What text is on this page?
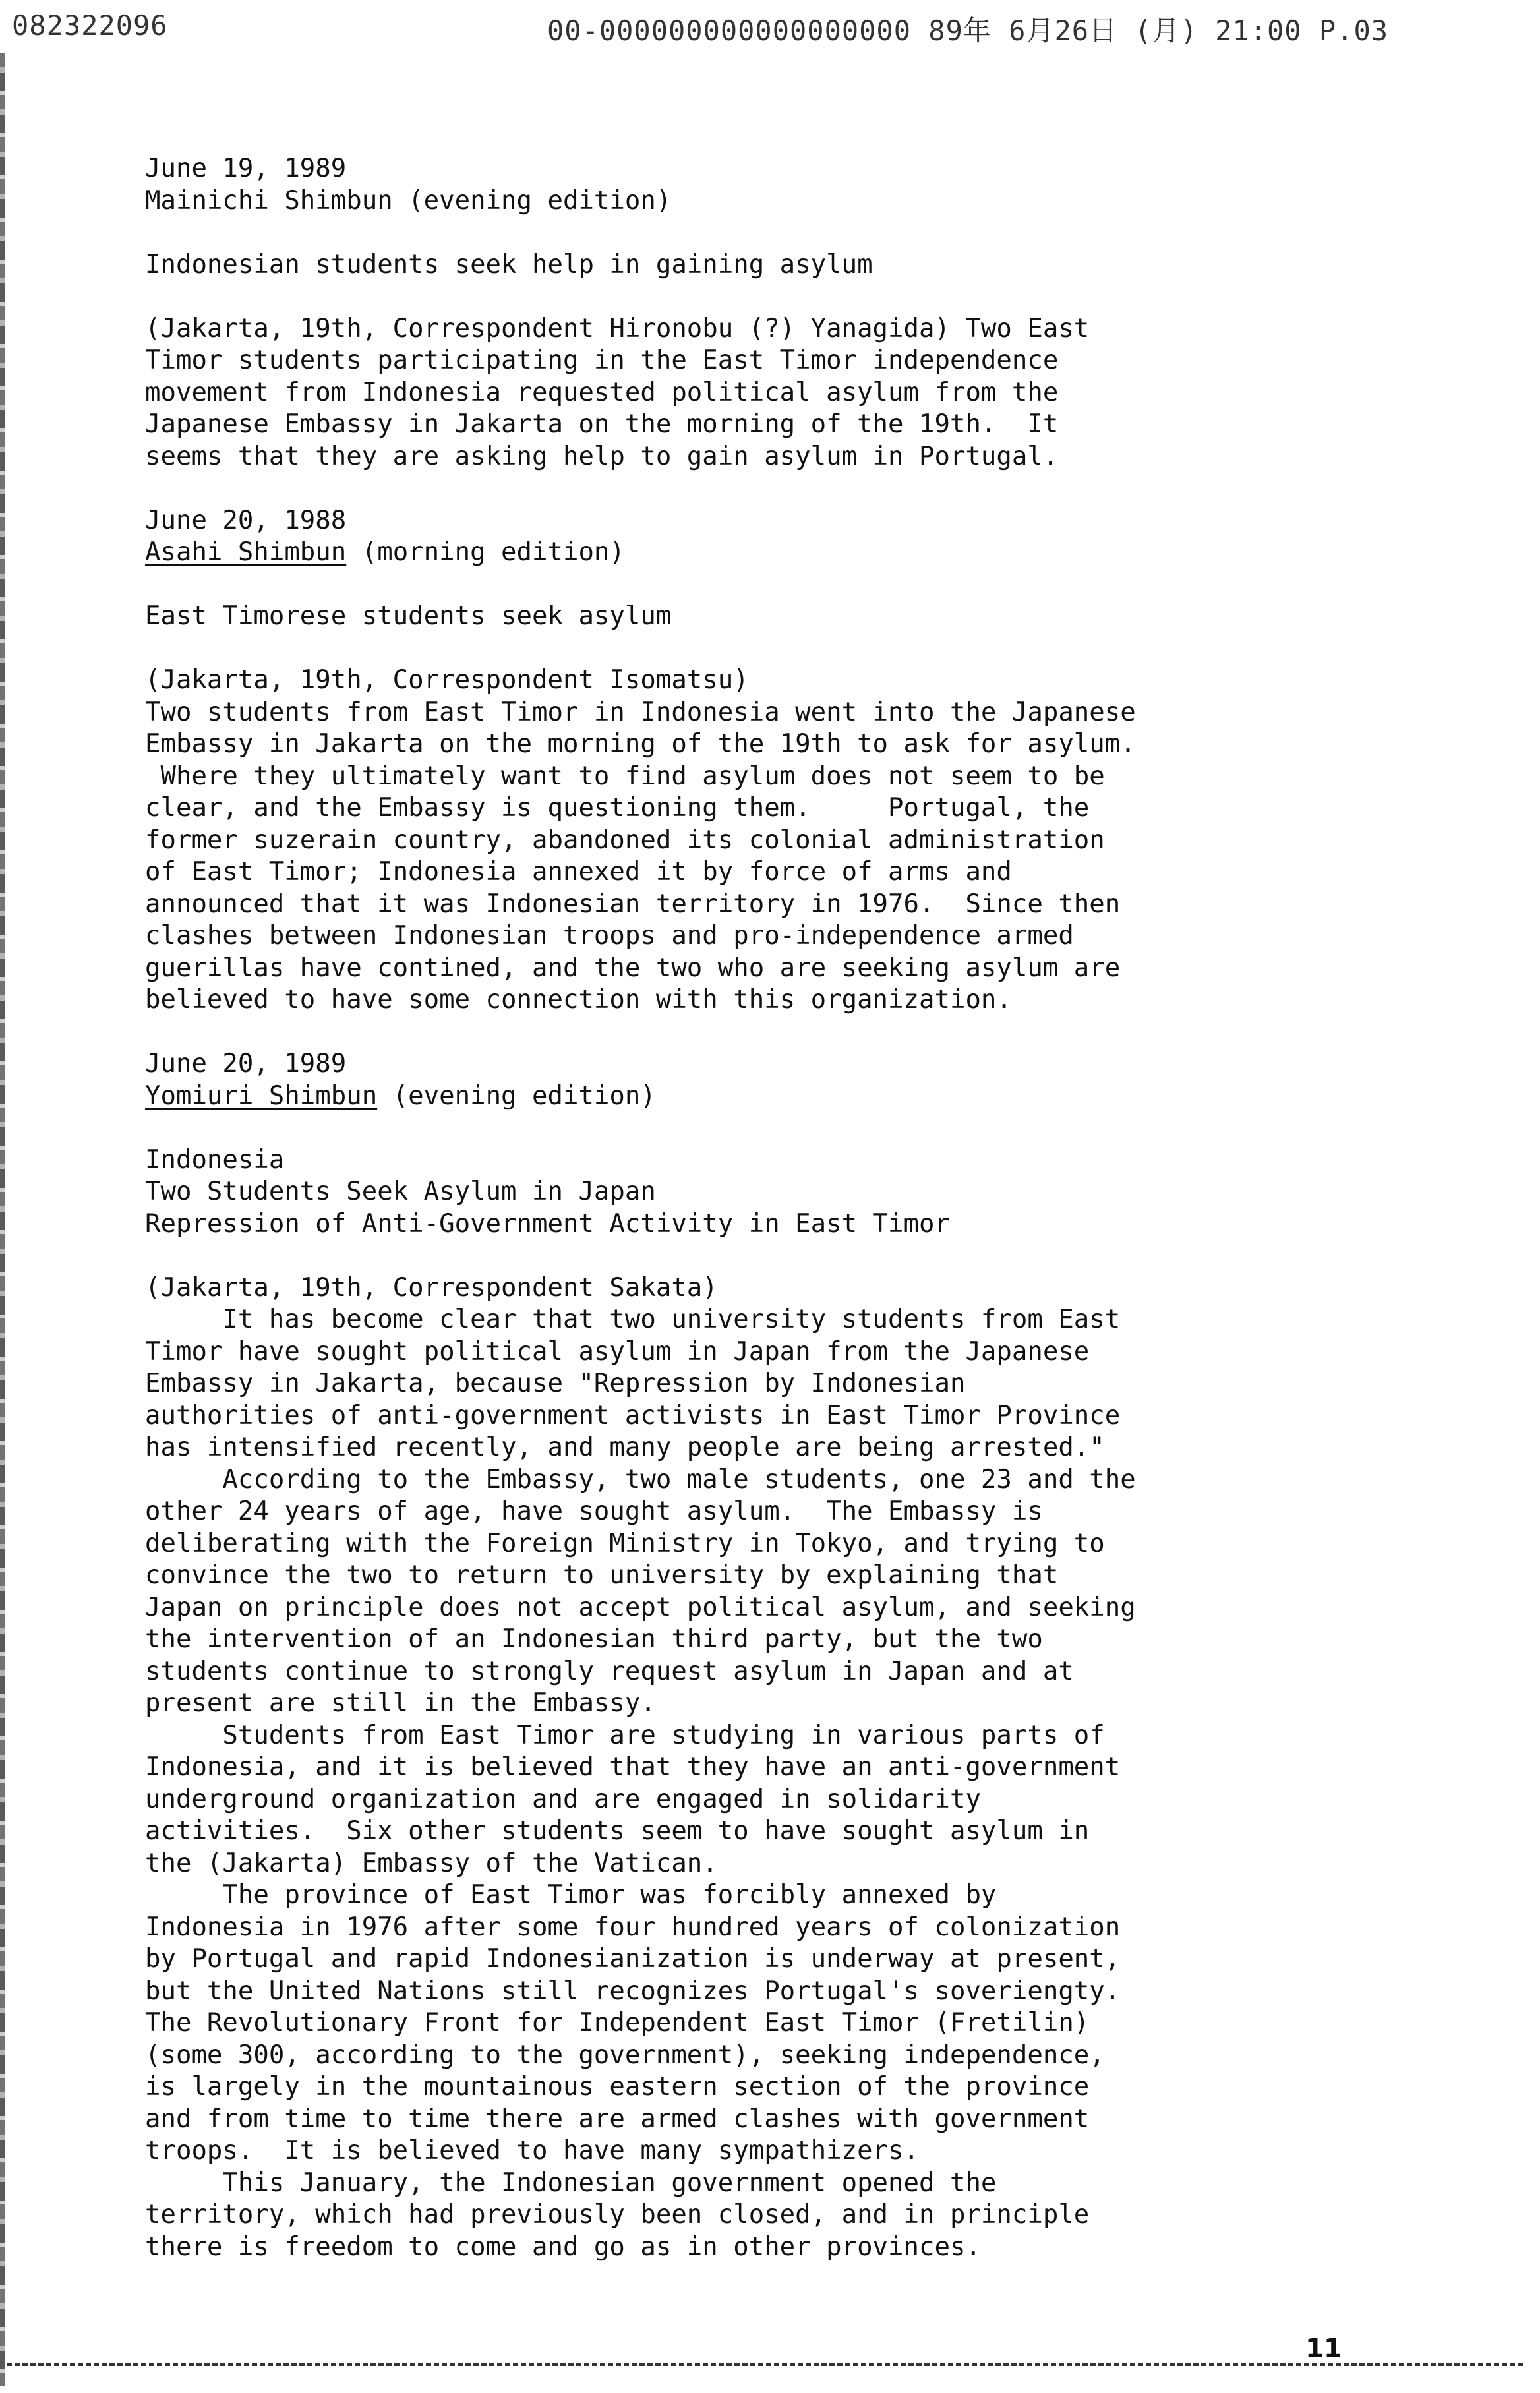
082322096	00-000000000000000000 89年 6月26日 (月) 21:00 P.03
June 19, 1989
Mainichi Shimbun (evening edition)
Indonesian students seek help in gaining asylum
(Jakarta, 19th, Correspondent Hironobu (?) Yanagida) Two East
Timor students participating in the East Timor independence
movement from Indonesia requested political asylum from the
Japanese Embassy in Jakarta on the morning of the 19th.  It
seems that they are asking help to gain asylum in Portugal.
June 20, 1988
Asahi Shimbun (morning edition)
East Timorese students seek asylum
(Jakarta, 19th, Correspondent Isomatsu)
Two students from East Timor in Indonesia went into the Japanese
Embassy in Jakarta on the morning of the 19th to ask for asylum.
Where they ultimately want to find asylum does not seem to be
clear, and the Embassy is questioning them.     Portugal, the
former suzerain country, abandoned its colonial administration
of East Timor; Indonesia annexed it by force of arms and
announced that it was Indonesian territory in 1976.  Since then
clashes between Indonesian troops and pro-independence armed
guerillas have contined, and the two who are seeking asylum are
believed to have some connection with this organization.
June 20, 1989
Yomiuri Shimbun (evening edition)
Indonesia
Two Students Seek Asylum in Japan
Repression of Anti-Government Activity in East Timor
(Jakarta, 19th, Correspondent Sakata)
It has become clear that two university students from East
Timor have sought political asylum in Japan from the Japanese
Embassy in Jakarta, because "Repression by Indonesian
authorities of anti-government activists in East Timor Province
has intensified recently, and many people are being arrested."
According to the Embassy, two male students, one 23 and the
other 24 years of age, have sought asylum.  The Embassy is
deliberating with the Foreign Ministry in Tokyo, and trying to
convince the two to return to university by explaining that
Japan on principle does not accept political asylum, and seeking
the intervention of an Indonesian third party, but the two
students continue to strongly request asylum in Japan and at
present are still in the Embassy.
Students from East Timor are studying in various parts of
Indonesia, and it is believed that they have an anti-government
underground organization and are engaged in solidarity
activities.  Six other students seem to have sought asylum in
the (Jakarta) Embassy of the Vatican.
The province of East Timor was forcibly annexed by
Indonesia in 1976 after some four hundred years of colonization
by Portugal and rapid Indonesianization is underway at present,
but the United Nations still recognizes Portugal's soveriengty.
The Revolutionary Front for Independent East Timor (Fretilin)
(some 300, according to the government), seeking independence,
is largely in the mountainous eastern section of the province
and from time to time there are armed clashes with government
troops.  It is believed to have many sympathizers.
This January, the Indonesian government opened the
territory, which had previously been closed, and in principle
there is freedom to come and go as in other provinces.
11
